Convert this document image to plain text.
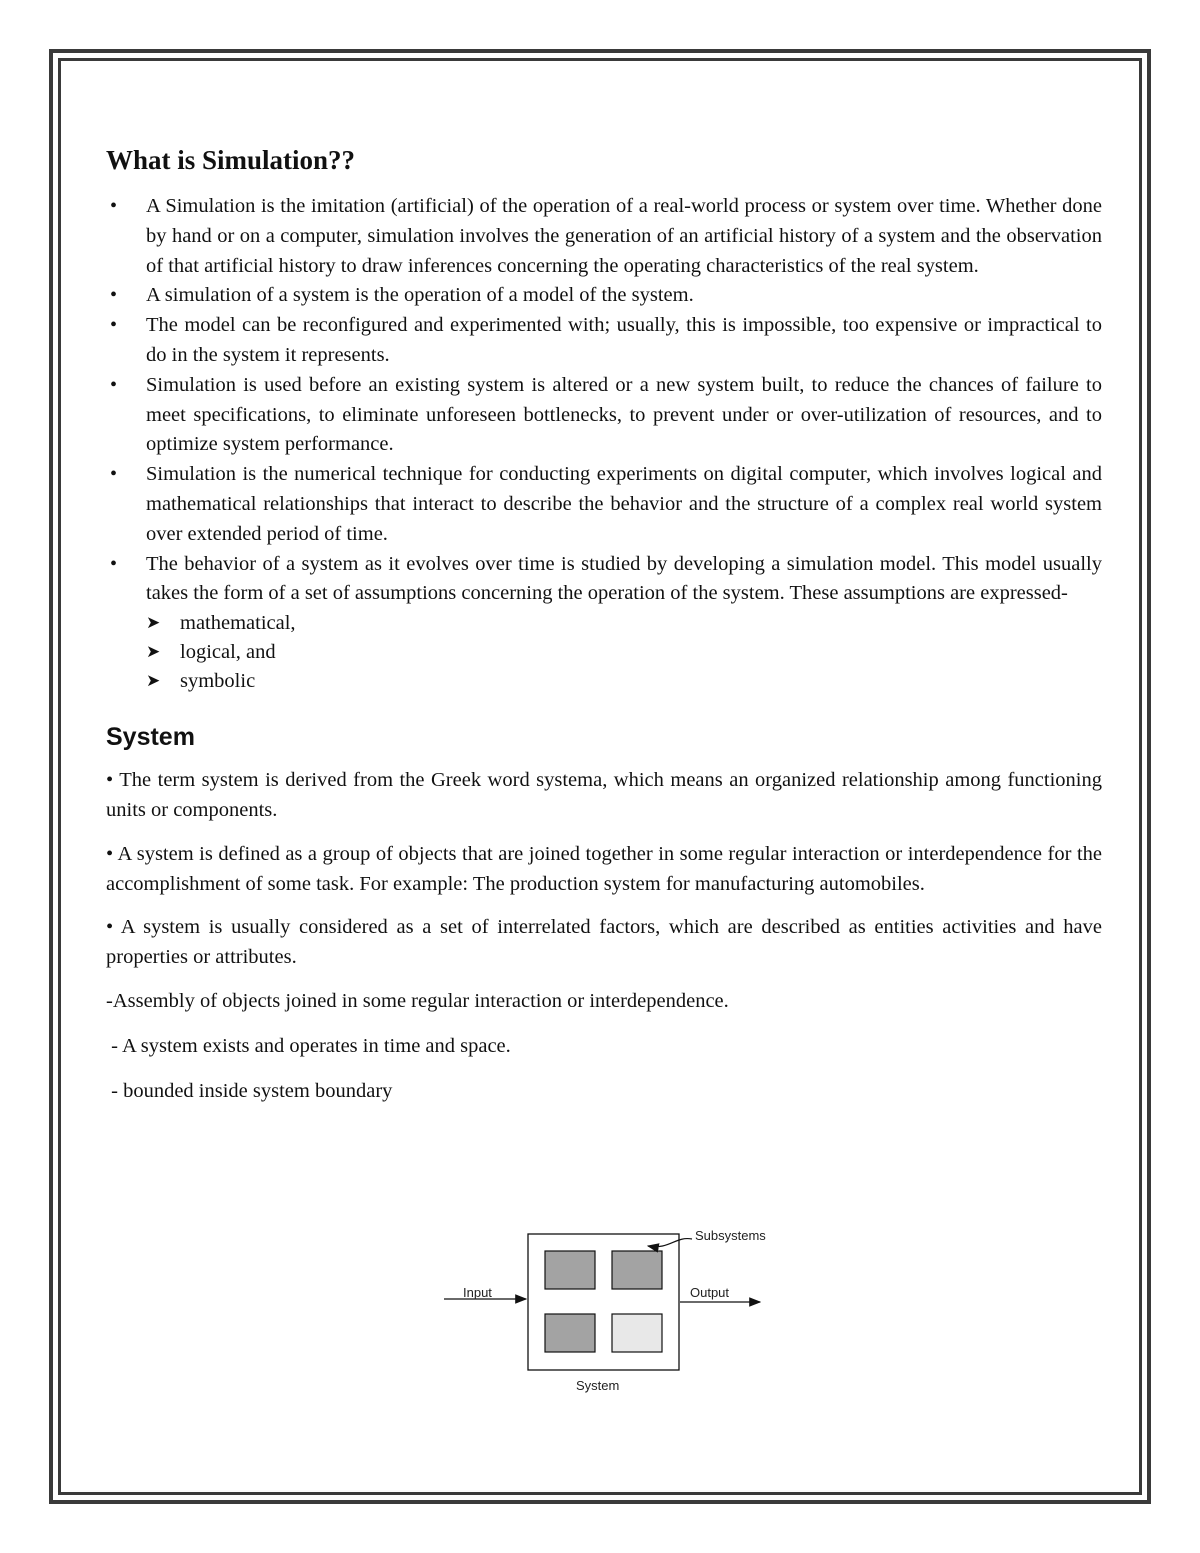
What is Simulation??
• A Simulation is the imitation (artificial) of the operation of a real-world process or system over time. Whether done by hand or on a computer, simulation involves the generation of an artificial history of a system and the observation of that artificial history to draw inferences concerning the operating characteristics of the real system.
• A simulation of a system is the operation of a model of the system.
• The model can be reconfigured and experimented with; usually, this is impossible, too expensive or impractical to do in the system it represents.
• Simulation is used before an existing system is altered or a new system built, to reduce the chances of failure to meet specifications, to eliminate unforeseen bottlenecks, to prevent under or over-utilization of resources, and to optimize system performance.
• Simulation is the numerical technique for conducting experiments on digital computer, which involves logical and mathematical relationships that interact to describe the behavior and the structure of a complex real world system over extended period of time.
• The behavior of a system as it evolves over time is studied by developing a simulation model. This model usually takes the form of a set of assumptions concerning the operation of the system. These assumptions are expressed-
➤ mathematical,
➤ logical, and
➤ symbolic
System

• The term system is derived from the Greek word systema, which means an organized relationship among functioning units or components.

• A system is defined as a group of objects that are joined together in some regular interaction or interdependence for the accomplishment of some task. For example: The production system for manufacturing automobiles.

• A system is usually considered as a set of interrelated factors, which are described as entities activities and have properties or attributes.

-Assembly of objects joined in some regular interaction or interdependence.

- A system exists and operates in time and space.

- bounded inside system boundary

Input	Output
Subsystems
System
